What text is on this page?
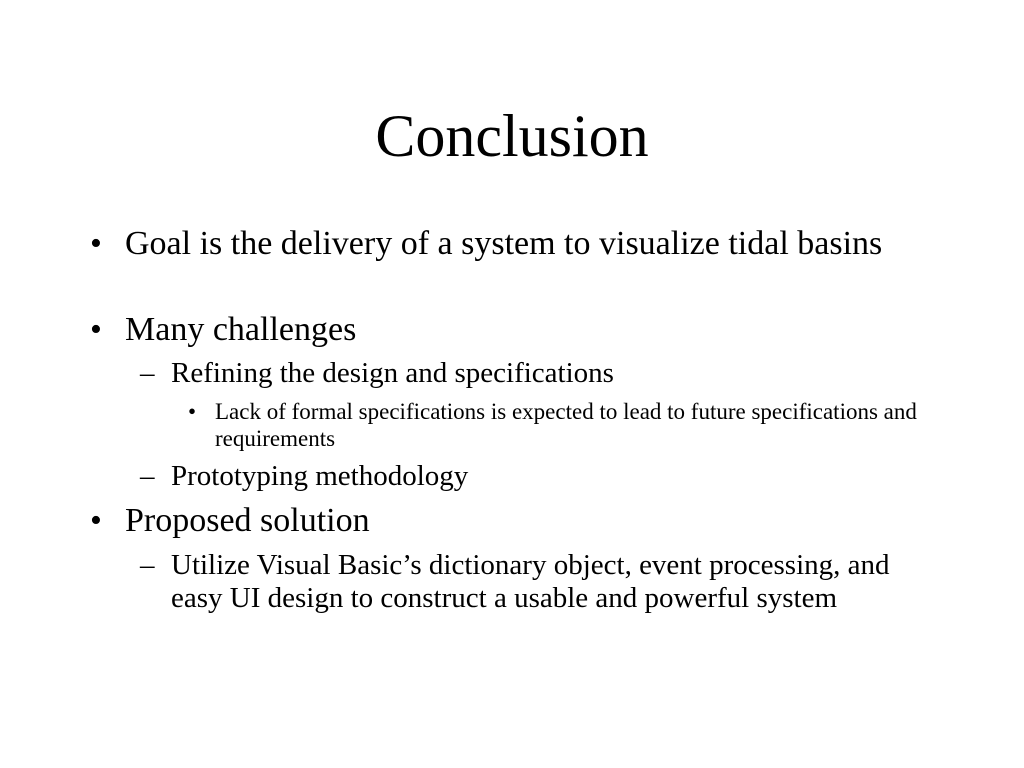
Conclusion
• Goal is the delivery of a system to visualize tidal basins
• Many challenges
– Refining the design and specifications
• Lack of formal specifications is expected to lead to future specifications and requirements
– Prototyping methodology
• Proposed solution
– Utilize Visual Basic’s dictionary object, event processing, and easy UI design to construct a usable and powerful system
